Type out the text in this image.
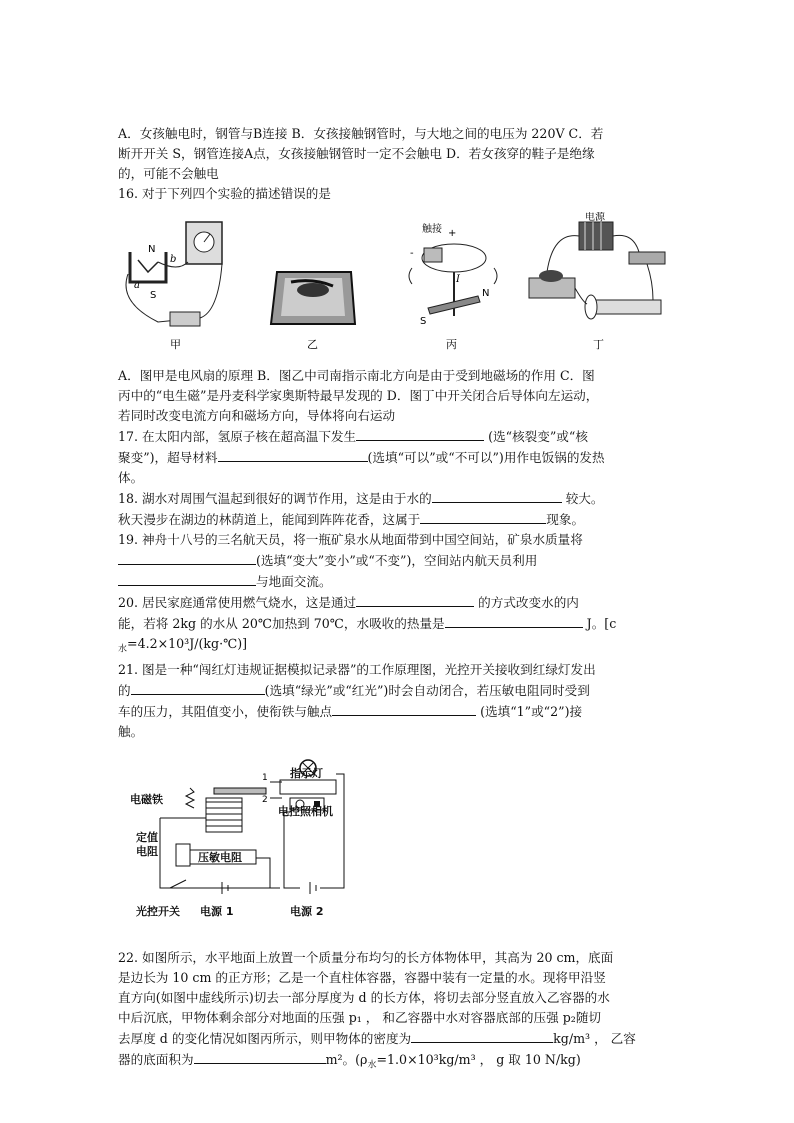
A．女孩触电时，钢管与B连接 B．女孩接触钢管时，与大地之间的电压为 220V C．若
断开开关 S，钢管连接A点，女孩接触钢管时一定不会触电 D．若女孩穿的鞋子是绝缘
的，可能不会触电

16. 对于下列四个实验的描述错误的是

N
S
a
b
甲	乙
触接 +
-
I
S
N
丙
电源
丁

A．图甲是电风扇的原理 B．图乙中司南指示南北方向是由于受到地磁场的作用 C．图
丙中的“电生磁”是丹麦科学家奥斯特最早发现的 D．图丁中开关闭合后导体向左运动，
若同时改变电流方向和磁场方向，导体将向右运动

17. 在太阳内部，氢原子核在超高温下发生	(选“核裂变”或“核
聚变”)，超导材料	(选填“可以”或“不可以”)用作电饭锅的发热
体。

18. 湖水对周围气温起到很好的调节作用，这是由于水的	较大。
秋天漫步在湖边的林荫道上，能闻到阵阵花香，这属于	现象。

19. 神舟十八号的三名航天员，将一瓶矿泉水从地面带到中国空间站，矿泉水质量将
(选填“变大”变小”或“不变”)，空间站内航天员利用
与地面交流。

20. 居民家庭通常使用燃气烧水，这是通过	的方式改变水的内
能，若将 2kg 的水从 20℃加热到 70℃，水吸收的热量是	J。[c
$_水$=4.2×10³J/(kg·℃)]

21. 图是一种“闯红灯违规证据模拟记录器”的工作原理图，光控开关接收到红绿灯发出
的	(选填“绿光”或“红光”)时会自动闭合，若压敏电阻同时受到
车的压力，其阻值变小，使衔铁与触点	(选填“1”或“2”)接
触。

1
2
电磁铁
定值
电阻	压敏电阻
光控开关 电源 1	电源 2
指示灯
电控照相机

22. 如图所示，水平地面上放置一个质量分布均匀的长方体物体甲，其高为 20 cm，底面
是边长为 10 cm 的正方形；乙是一个直柱体容器，容器中装有一定量的水。现将甲沿竖
直方向(如图中虚线所示)切去一部分厚度为 d 的长方体，将切去部分竖直放入乙容器的水
中后沉底，甲物体剩余部分对地面的压强 p₁ ， 和乙容器中水对容器底部的压强 p₂随切
去厚度 d 的变化情况如图丙所示，则甲物体的密度为	kg/m³ ， 乙容
器的底面积为	m²。($\rho_水=1.0\times 10^3kg/m^3$ ， g 取 10 N/kg)
